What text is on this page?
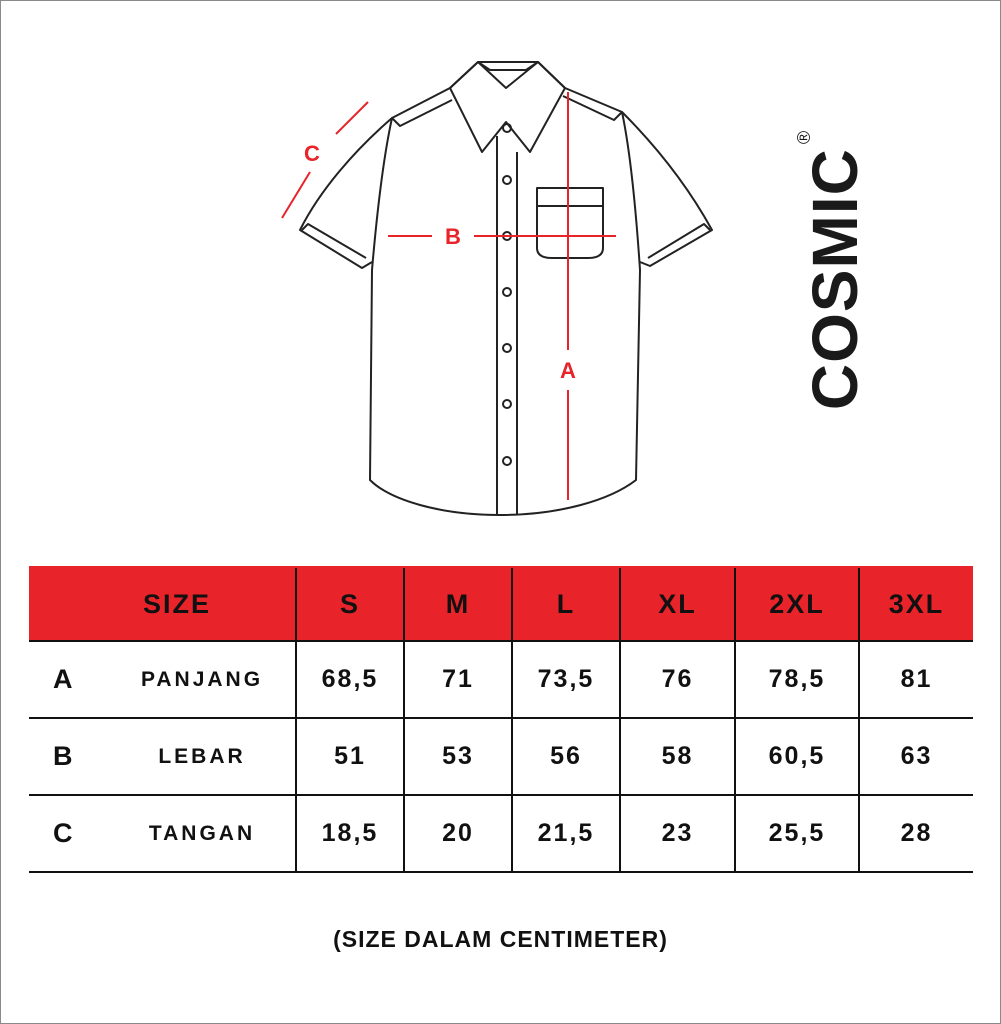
A
B
C	COSMIC®
SIZE	S	M	L	XL	2XL	3XL

A PANJANG	68,5	71	73,5	76	78,5	81

B LEBAR	51	53	56	58	60,5	63

C TANGAN	18,5	20	21,5	23	25,5	28
(SIZE DALAM CENTIMETER)
